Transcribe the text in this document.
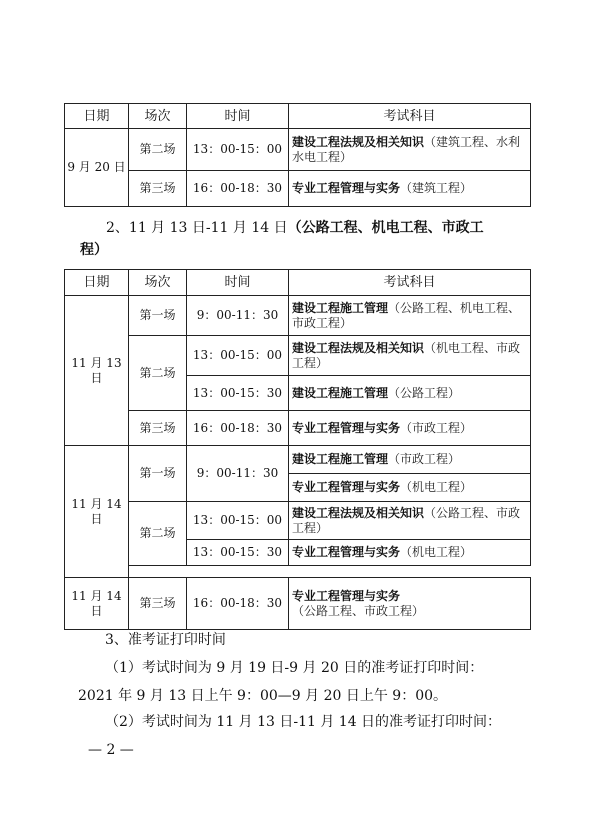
日期	场次	时间	考试科目
9 月 20 日	第二场	13：00-15：00	建设工程法规及相关知识（建筑工程、水利水电工程）
	第三场	16：00-18：30	专业工程管理与实务（建筑工程）
2、11 月 13 日-11 月 14 日（公路工程、机电工程、市政工
程）
日期	场次	时间	考试科目
11 月 13 日	第一场	9：00-11：30	建设工程施工管理（公路工程、机电工程、市政工程）
	第二场	13：00-15：00	建设工程法规及相关知识（机电工程、市政工程）
		13：00-15：30	建设工程施工管理（公路工程）
	第三场	16：00-18：30	专业工程管理与实务（市政工程）
11 月 14 日	第一场	9：00-11：30	建设工程施工管理（市政工程）
			专业工程管理与实务（机电工程）
	第二场	13：00-15：00	建设工程法规及相关知识（公路工程、市政工程）
		13：00-15：30	专业工程管理与实务（机电工程）

11 月 14 日	第三场	16：00-18：30	专业工程管理与实务（公路工程、市政工程）
3、准考证打印时间
（1）考试时间为 9 月 19 日-9 月 20 日的准考证打印时间：
2021 年 9 月 13 日上午 9：00—9 月 20 日上午 9：00。
（2）考试时间为 11 月 13 日-11 月 14 日的准考证打印时间：
— 2 —
